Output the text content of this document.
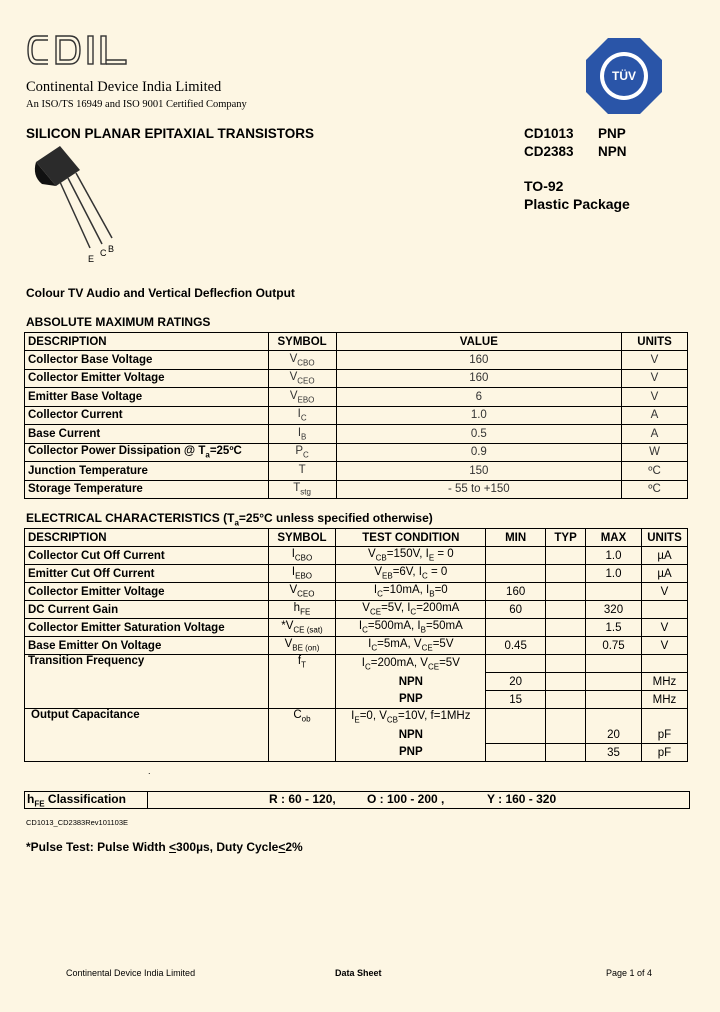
Continental Device India Limited
An ISO/TS 16949 and ISO 9001 Certified Company
TÜV
SILICON PLANAR EPITAXIAL TRANSISTORS	CD1013 PNP
CD2383 NPN
TO-92
Plastic Package
E
C B
Colour TV Audio and Vertical Deflecfion Output
ABSOLUTE MAXIMUM RATINGS
DESCRIPTION	SYMBOL	VALUE	UNITS
Collector Base Voltage	$V_{CBO}$	160	V
Collector Emitter Voltage	$V_{CEO}$	160	V
Emitter Base Voltage	$V_{EBO}$	6	V
Collector Current	$I_C$	1.0	A
Base Current	$I_B$	0.5	A
Collector Power Dissipation @ $T_a=25ºC$	$P_C$	0.9	W
Junction Temperature	T	150	ºC
Storage Temperature	$T_{stg}$	- 55 to +150	ºC
ELECTRICAL CHARACTERISTICS ($T_a=25^\circ C$ unless specified otherwise)
DESCRIPTION	SYMBOL	TEST CONDITION	MIN	TYP	MAX	UNITS
Collector Cut Off Current	$I_{CBO}$	$V_{CB}=150V$, $I_E = 0$			1.0	µA
Emitter Cut Off Current	$I_{EBO}$	$V_{EB}=6V$, $I_C = 0$			1.0	µA
Collector Emitter Voltage	$V_{CEO}$	$I_C=10mA$, $I_B=0$	160			V
DC Current Gain	$h_{FE}$	$V_{CE}=5V$, $I_C=200mA$	60		320	
Collector Emitter Saturation Voltage	$*V_{CE (sat)}$	$I_C=500mA$, $I_B=50mA$			1.5	V
Base Emitter On Voltage	$V_{BE (on)}$	$I_C=5mA$, $V_{CE}=5V$	0.45		0.75	V
Transition Frequency	$f_T$	$I_C=200mA$, $V_{CE}=5V$				
		NPN	20			MHz
		PNP	15			MHz
Output Capacitance	$C_{ob}$	$I_E=0$, $V_{CB}=10V$, f=1MHz				
		NPN			20	pF
		PNP			35	pF
.
$h_{FE}$ Classification	R : 60 - 120,	O : 100 - 200 ,	Y : 160 - 320
CD1013_CD2383Rev101103E
*Pulse Test: Pulse Width <300µs, Duty Cycle<2%
Continental Device India Limited	Data Sheet	Page 1 of 4
